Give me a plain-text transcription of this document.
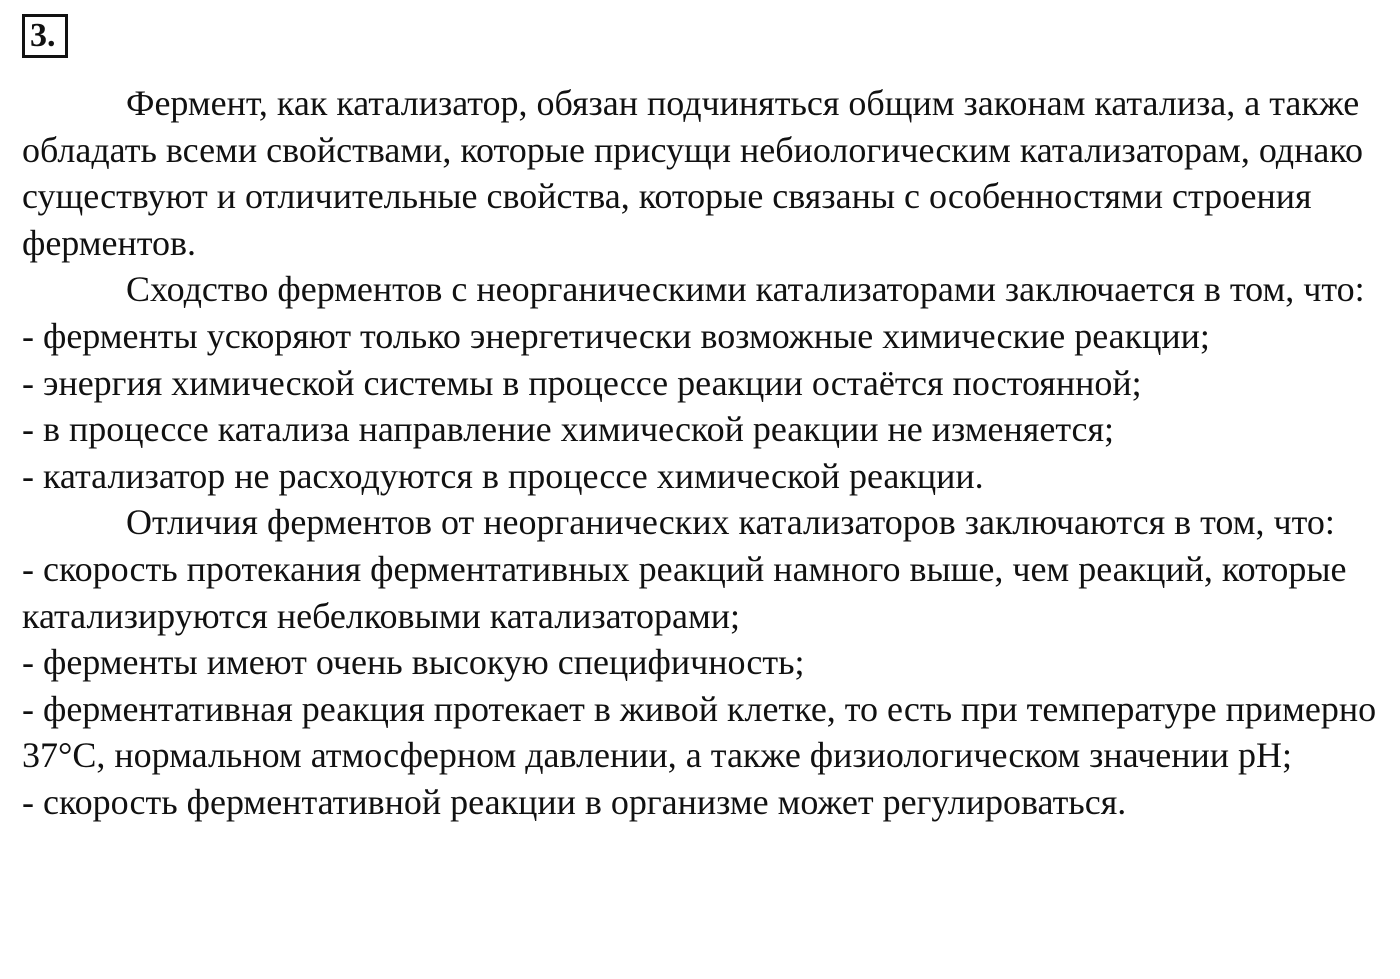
3.

Фермент, как катализатор, обязан подчиняться общим законам катализа, а также обладать всеми свойствами, которые присущи небиологическим катализаторам, однако существуют и отличительные свойства, которые связаны с особенностями строения ферментов.

Сходство ферментов с неорганическими катализаторами заключается в том, что:

- ферменты ускоряют только энергетически возможные химические реакции;

- энергия химической системы в процессе реакции остаётся постоянной;

- в процессе катализа направление химической реакции не изменяется;

- катализатор не расходуются в процессе химической реакции.

Отличия ферментов от неорганических катализаторов заключаются в том, что:

- скорость протекания ферментативных реакций намного выше, чем реакций, которые катализируются небелковыми катализаторами;

- ферменты имеют очень высокую специфичность;

- ферментативная реакция протекает в живой клетке, то есть при температуре примерно 37°С, нормальном атмосферном давлении, а также физиологическом значении рН;

- скорость ферментативной реакции в организме может регулироваться.
